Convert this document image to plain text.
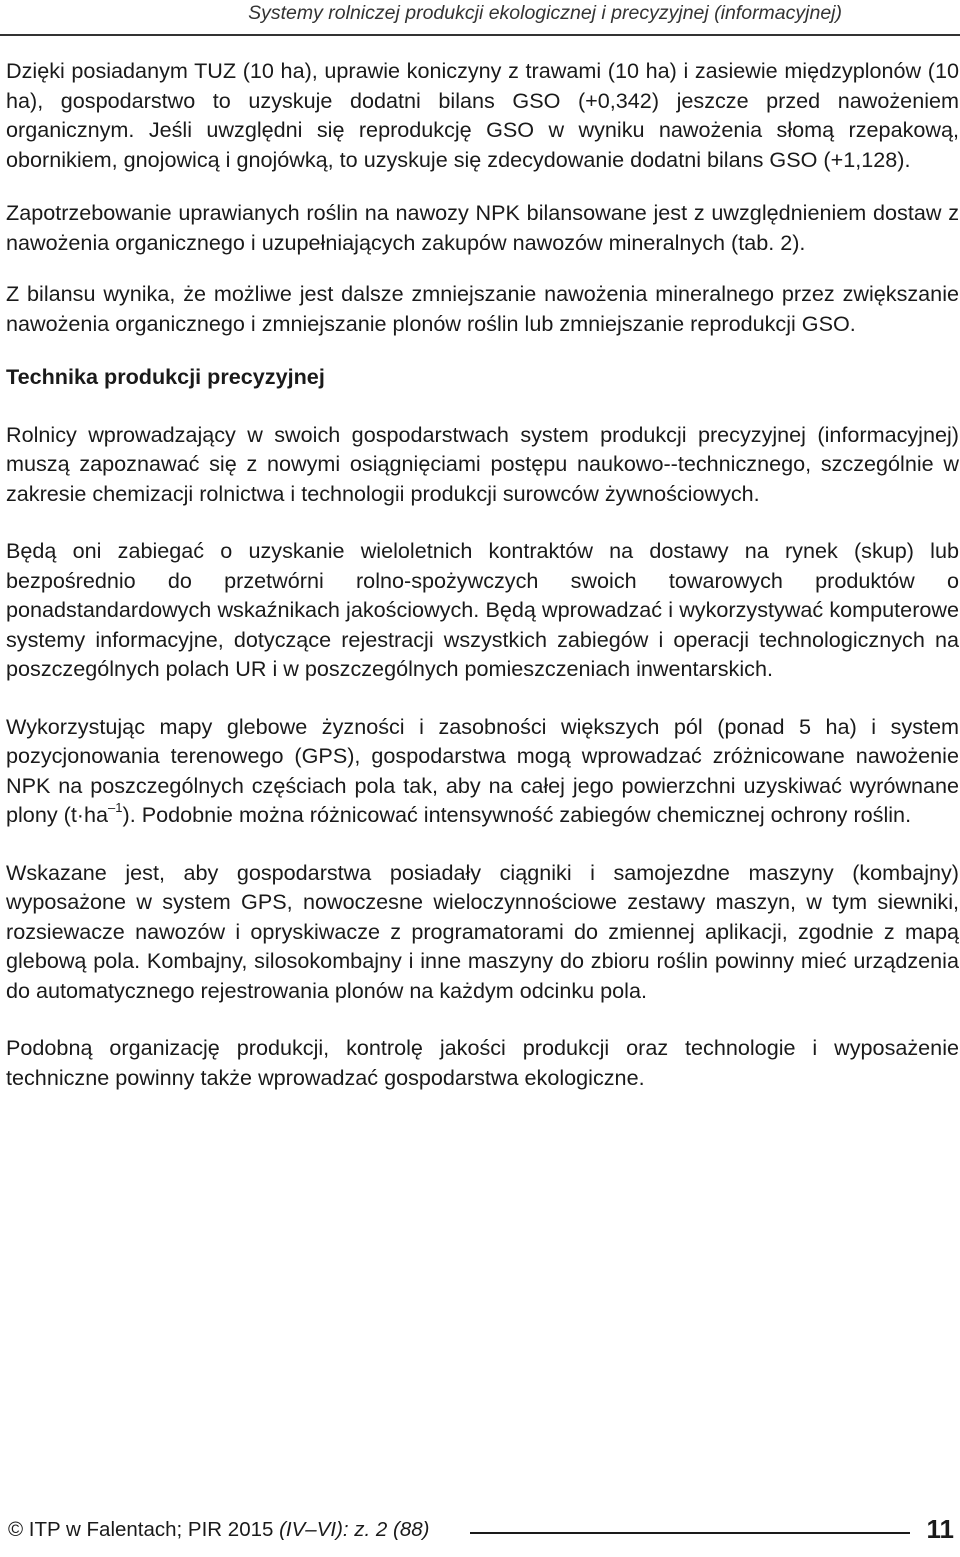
Systemy rolniczej produkcji ekologicznej i precyzyjnej (informacyjnej)

Dzięki posiadanym TUZ (10 ha), uprawie koniczyny z trawami (10 ha) i zasiewie międzyplonów (10 ha), gospodarstwo to uzyskuje dodatni bilans GSO (+0,342) jeszcze przed nawożeniem organicznym. Jeśli uwzględni się reprodukcję GSO w wyniku nawożenia słomą rzepakową, obornikiem, gnojowicą i gnojówką, to uzyskuje się zdecydowanie dodatni bilans GSO (+1,128).

Zapotrzebowanie uprawianych roślin na nawozy NPK bilansowane jest z uwzględnieniem dostaw z nawożenia organicznego i uzupełniających zakupów nawozów mineralnych (tab. 2).

Z bilansu wynika, że możliwe jest dalsze zmniejszanie nawożenia mineralnego przez zwiększanie nawożenia organicznego i zmniejszanie plonów roślin lub zmniejszanie reprodukcji GSO.

Technika produkcji precyzyjnej

Rolnicy wprowadzający w swoich gospodarstwach system produkcji precyzyjnej (informacyjnej) muszą zapoznawać się z nowymi osiągnięciami postępu naukowo--technicznego, szczególnie w zakresie chemizacji rolnictwa i technologii produkcji surowców żywnościowych.

Będą oni zabiegać o uzyskanie wieloletnich kontraktów na dostawy na rynek (skup) lub bezpośrednio do przetwórni rolno-spożywczych swoich towarowych produktów o ponadstandardowych wskaźnikach jakościowych. Będą wprowadzać i wykorzystywać komputerowe systemy informacyjne, dotyczące rejestracji wszystkich zabiegów i operacji technologicznych na poszczególnych polach UR i w poszczególnych pomieszczeniach inwentarskich.

Wykorzystując mapy glebowe żyzności i zasobności większych pól (ponad 5 ha) i system pozycjonowania terenowego (GPS), gospodarstwa mogą wprowadzać zróżnicowane nawożenie NPK na poszczególnych częściach pola tak, aby na całej jego powierzchni uzyskiwać wyrównane plony $(t\cdot ha^{-1})$. Podobnie można różnicować intensywność zabiegów chemicznej ochrony roślin.

Wskazane jest, aby gospodarstwa posiadały ciągniki i samojezdne maszyny (kombajny) wyposażone w system GPS, nowoczesne wieloczynnościowe zestawy maszyn, w tym siewniki, rozsiewacze nawozów i opryskiwacze z programatorami do zmiennej aplikacji, zgodnie z mapą glebową pola. Kombajny, silosokombajny i inne maszyny do zbioru roślin powinny mieć urządzenia do automatycznego rejestrowania plonów na każdym odcinku pola.

Podobną organizację produkcji, kontrolę jakości produkcji oraz technologie i wyposażenie techniczne powinny także wprowadzać gospodarstwa ekologiczne.

© ITP w Falentach; PIR 2015 (IV–VI): z. 2 (88)	11
